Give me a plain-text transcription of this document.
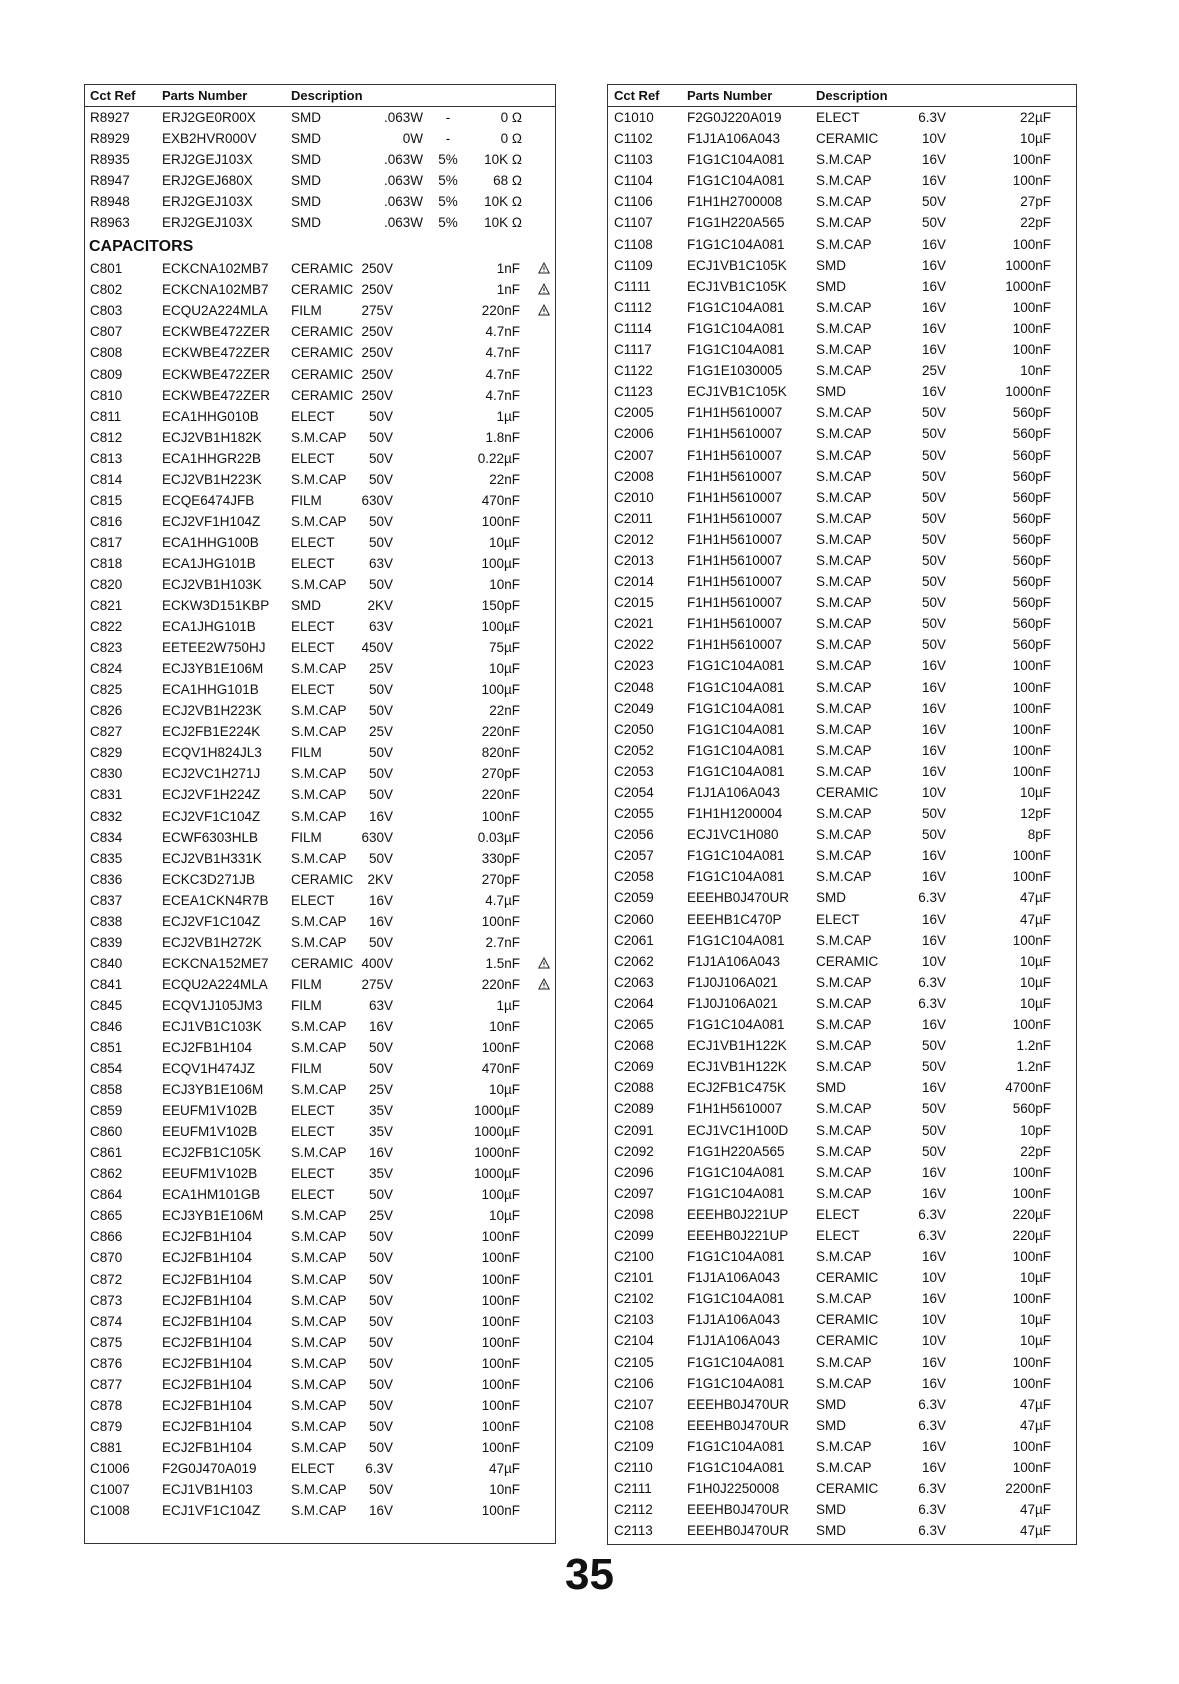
Cct Ref Parts Number	Description
R8927 ERJ2GE0R00X	SMD	.063W	-	0 Ω
R8929 EXB2HVR000V	SMD	0W	-	0 Ω
R8935 ERJ2GEJ103X	SMD	.063W	5%	10K Ω
R8947 ERJ2GEJ680X	SMD	.063W	5%	68 Ω
R8948 ERJ2GEJ103X	SMD	.063W	5%	10K Ω
R8963 ERJ2GEJ103X	SMD	.063W	5%	10K Ω
CAPACITORS
C801	ECKCNA102MB7 CERAMIC 250V	1nF
C802	ECKCNA102MB7 CERAMIC 250V	1nF
C803	ECQU2A224MLA FILM	275V	220nF
C807	ECKWBE472ZER CERAMIC 250V	4.7nF
C808	ECKWBE472ZER CERAMIC 250V	4.7nF
C809	ECKWBE472ZER CERAMIC 250V	4.7nF
C810	ECKWBE472ZER CERAMIC 250V	4.7nF
C811	ECA1HHG010B ELECT	50V	1µF
C812	ECJ2VB1H182K S.M.CAP	50V	1.8nF
C813	ECA1HHGR22B ELECT	50V	0.22µF
C814	ECJ2VB1H223K S.M.CAP	50V	22nF
C815	ECQE6474JFB	FILM	630V	470nF
C816	ECJ2VF1H104Z S.M.CAP	50V	100nF
C817	ECA1HHG100B ELECT	50V	10µF
C818	ECA1JHG101B	ELECT	63V	100µF
C820	ECJ2VB1H103K S.M.CAP	50V	10nF
C821	ECKW3D151KBP SMD	2KV	150pF
C822	ECA1JHG101B	ELECT	63V	100µF
C823	EETEE2W750HJ ELECT	450V	75µF
C824	ECJ3YB1E106M S.M.CAP	25V	10µF
C825	ECA1HHG101B ELECT	50V	100µF
C826	ECJ2VB1H223K S.M.CAP	50V	22nF
C827	ECJ2FB1E224K S.M.CAP	25V	220nF
C829	ECQV1H824JL3 FILM	50V	820nF
C830	ECJ2VC1H271J S.M.CAP	50V	270pF
C831	ECJ2VF1H224Z S.M.CAP	50V	220nF
C832	ECJ2VF1C104Z S.M.CAP	16V	100nF
C834	ECWF6303HLB FILM	630V	0.03µF
C835	ECJ2VB1H331K S.M.CAP	50V	330pF
C836	ECKC3D271JB	CERAMIC	2KV	270pF
C837	ECEA1CKN4R7B ELECT	16V	4.7µF
C838	ECJ2VF1C104Z S.M.CAP	16V	100nF
C839	ECJ2VB1H272K S.M.CAP	50V	2.7nF
C840	ECKCNA152ME7 CERAMIC 400V	1.5nF
C841	ECQU2A224MLA FILM	275V	220nF
C845	ECQV1J105JM3 FILM	63V	1µF
C846	ECJ1VB1C103K S.M.CAP	16V	10nF
C851	ECJ2FB1H104	S.M.CAP	50V	100nF
C854	ECQV1H474JZ	FILM	50V	470nF
C858	ECJ3YB1E106M S.M.CAP	25V	10µF
C859	EEUFM1V102B ELECT	35V	1000µF
C860	EEUFM1V102B ELECT	35V	1000µF
C861	ECJ2FB1C105K S.M.CAP	16V	1000nF
C862	EEUFM1V102B ELECT	35V	1000µF
C864	ECA1HM101GB ELECT	50V	100µF
C865	ECJ3YB1E106M S.M.CAP	25V	10µF
C866	ECJ2FB1H104	S.M.CAP	50V	100nF
C870	ECJ2FB1H104	S.M.CAP	50V	100nF
C872	ECJ2FB1H104	S.M.CAP	50V	100nF
C873	ECJ2FB1H104	S.M.CAP	50V	100nF
C874	ECJ2FB1H104	S.M.CAP	50V	100nF
C875	ECJ2FB1H104	S.M.CAP	50V	100nF
C876	ECJ2FB1H104	S.M.CAP	50V	100nF
C877	ECJ2FB1H104	S.M.CAP	50V	100nF
C878	ECJ2FB1H104	S.M.CAP	50V	100nF
C879	ECJ2FB1H104	S.M.CAP	50V	100nF
C881	ECJ2FB1H104	S.M.CAP	50V	100nF
C1006 F2G0J470A019	ELECT	6.3V	47µF
C1007 ECJ1VB1H103	S.M.CAP	50V	10nF
C1008 ECJ1VF1C104Z S.M.CAP	16V	100nF
Cct Ref Parts Number	Description
C1010 F2G0J220A019	ELECT	6.3V	22µF
C1102	F1J1A106A043	CERAMIC	10V	10µF
C1103	F1G1C104A081 S.M.CAP	16V	100nF
C1104	F1G1C104A081 S.M.CAP	16V	100nF
C1106	F1H1H2700008 S.M.CAP	50V	27pF
C1107	F1G1H220A565 S.M.CAP	50V	22pF
C1108	F1G1C104A081 S.M.CAP	16V	100nF
C1109	ECJ1VB1C105K SMD	16V	1000nF
C1111	ECJ1VB1C105K SMD	16V	1000nF
C1112	F1G1C104A081 S.M.CAP	16V	100nF
C1114	F1G1C104A081 S.M.CAP	16V	100nF
C1117	F1G1C104A081 S.M.CAP	16V	100nF
C1122	F1G1E1030005 S.M.CAP	25V	10nF
C1123	ECJ1VB1C105K SMD	16V	1000nF
C2005 F1H1H5610007 S.M.CAP	50V	560pF
C2006 F1H1H5610007 S.M.CAP	50V	560pF
C2007 F1H1H5610007 S.M.CAP	50V	560pF
C2008 F1H1H5610007 S.M.CAP	50V	560pF
C2010 F1H1H5610007 S.M.CAP	50V	560pF
C2011	F1H1H5610007 S.M.CAP	50V	560pF
C2012 F1H1H5610007 S.M.CAP	50V	560pF
C2013 F1H1H5610007 S.M.CAP	50V	560pF
C2014 F1H1H5610007 S.M.CAP	50V	560pF
C2015 F1H1H5610007 S.M.CAP	50V	560pF
C2021 F1H1H5610007 S.M.CAP	50V	560pF
C2022 F1H1H5610007 S.M.CAP	50V	560pF
C2023 F1G1C104A081 S.M.CAP	16V	100nF
C2048 F1G1C104A081 S.M.CAP	16V	100nF
C2049 F1G1C104A081 S.M.CAP	16V	100nF
C2050 F1G1C104A081 S.M.CAP	16V	100nF
C2052 F1G1C104A081 S.M.CAP	16V	100nF
C2053 F1G1C104A081 S.M.CAP	16V	100nF
C2054 F1J1A106A043	CERAMIC	10V	10µF
C2055 F1H1H1200004 S.M.CAP	50V	12pF
C2056 ECJ1VC1H080	S.M.CAP	50V	8pF
C2057 F1G1C104A081 S.M.CAP	16V	100nF
C2058 F1G1C104A081 S.M.CAP	16V	100nF
C2059 EEEHB0J470UR SMD	6.3V	47µF
C2060 EEEHB1C470P	ELECT	16V	47µF
C2061 F1G1C104A081 S.M.CAP	16V	100nF
C2062 F1J1A106A043	CERAMIC	10V	10µF
C2063 F1J0J106A021	S.M.CAP	6.3V	10µF
C2064 F1J0J106A021	S.M.CAP	6.3V	10µF
C2065 F1G1C104A081 S.M.CAP	16V	100nF
C2068 ECJ1VB1H122K S.M.CAP	50V	1.2nF
C2069 ECJ1VB1H122K S.M.CAP	50V	1.2nF
C2088 ECJ2FB1C475K SMD	16V	4700nF
C2089 F1H1H5610007 S.M.CAP	50V	560pF
C2091 ECJ1VC1H100D S.M.CAP	50V	10pF
C2092 F1G1H220A565 S.M.CAP	50V	22pF
C2096 F1G1C104A081 S.M.CAP	16V	100nF
C2097 F1G1C104A081 S.M.CAP	16V	100nF
C2098 EEEHB0J221UP ELECT	6.3V	220µF
C2099 EEEHB0J221UP ELECT	6.3V	220µF
C2100 F1G1C104A081 S.M.CAP	16V	100nF
C2101 F1J1A106A043	CERAMIC	10V	10µF
C2102 F1G1C104A081 S.M.CAP	16V	100nF
C2103 F1J1A106A043	CERAMIC	10V	10µF
C2104 F1J1A106A043	CERAMIC	10V	10µF
C2105 F1G1C104A081 S.M.CAP	16V	100nF
C2106 F1G1C104A081 S.M.CAP	16V	100nF
C2107 EEEHB0J470UR SMD	6.3V	47µF
C2108 EEEHB0J470UR SMD	6.3V	47µF
C2109 F1G1C104A081 S.M.CAP	16V	100nF
C2110	F1G1C104A081 S.M.CAP	16V	100nF
C2111	F1H0J2250008	CERAMIC	6.3V	2200nF
C2112	EEEHB0J470UR SMD	6.3V	47µF
C2113	EEEHB0J470UR SMD	6.3V	47µF
35
